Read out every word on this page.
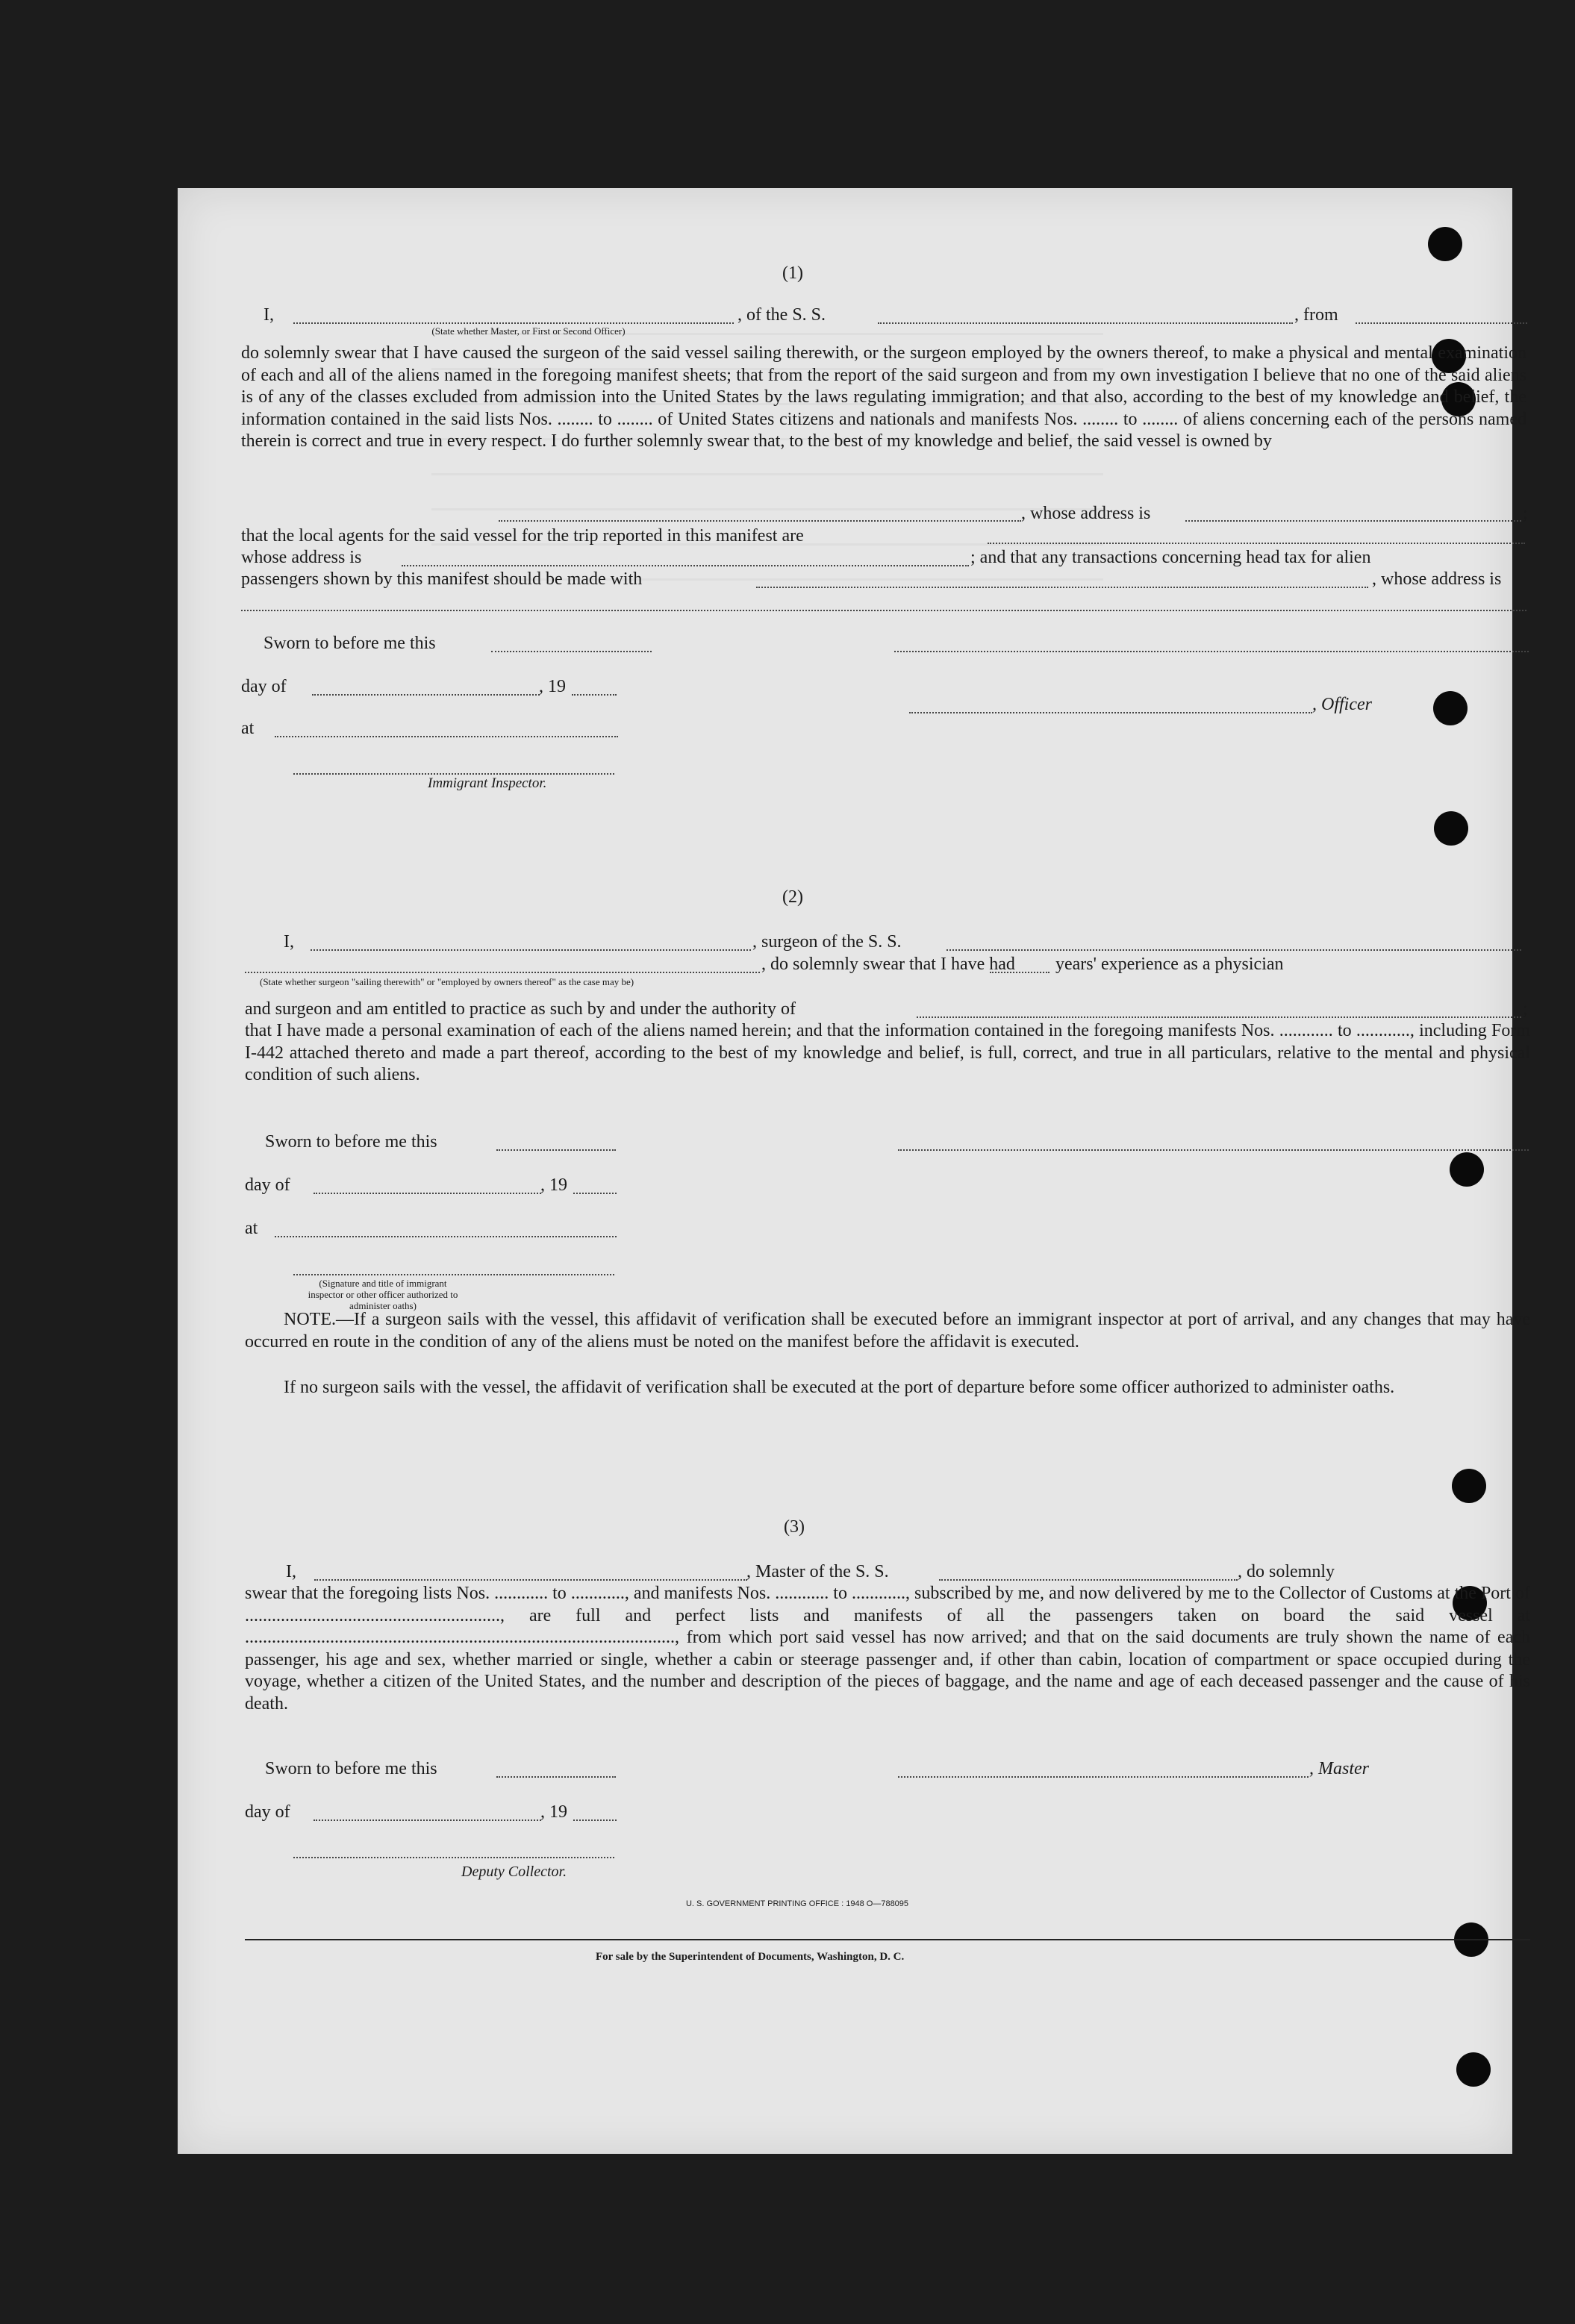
(1)
I,	, of the S. S.	, from
(State whether Master, or First or Second Officer)
do solemnly swear that I have caused the surgeon of the said vessel sailing therewith, or the surgeon employed by the owners thereof, to make a physical and mental examination of each and all of the aliens named in the foregoing manifest sheets; that from the report of the said surgeon and from my own investigation I believe that no one of the said aliens is of any of the classes excluded from admission into the United States by the laws regulating immigration; and that also, according to the best of my knowledge and belief, the information contained in the said lists Nos. ........ to ........ of United States citizens and nationals and manifests Nos. ........ to ........ of aliens concerning each of the persons named therein is correct and true in every respect. I do further solemnly swear that, to the best of my knowledge and belief, the said vessel is owned by
, whose address is	;
that the local agents for the said vessel for the trip reported in this manifest are
whose address is	; and that any transactions concerning head tax for alien
passengers shown by this manifest should be made with	, whose address is
Sworn to before me this
day of	, 19
, Officer
at
Immigrant Inspector.
(2)
I,	, surgeon of the S. S.
, do solemnly swear that I have had years' experience as a physician
(State whether surgeon "sailing therewith" or "employed by owners thereof" as the case may be)
and surgeon and am entitled to practice as such by and under the authority of	;
that I have made a personal examination of each of the aliens named herein; and that the information contained in the foregoing manifests Nos. ............ to ............, including Form I-442 attached thereto and made a part thereof, according to the best of my knowledge and belief, is full, correct, and true in all particulars, relative to the mental and physical condition of such aliens.
Sworn to before me this
day of	, 19
at
(Signature and title of immigrant inspector or other officer authorized to administer oaths)
NOTE.—If a surgeon sails with the vessel, this affidavit of verification shall be executed before an immigrant inspector at port of arrival, and any changes that may have occurred en route in the condition of any of the aliens must be noted on the manifest before the affidavit is executed.
If no surgeon sails with the vessel, the affidavit of verification shall be executed at the port of departure before some officer authorized to administer oaths.
(3)
I,	, Master of the S. S.	, do solemnly
swear that the foregoing lists Nos. ............ to ............, and manifests Nos. ............ to ............, subscribed by me, and now delivered by me to the Collector of Customs at the Port of ........................................................., are full and perfect lists and manifests of all the passengers taken on board the said vessel at ................................................................................................, from which port said vessel has now arrived; and that on the said documents are truly shown the name of each passenger, his age and sex, whether married or single, whether a cabin or steerage passenger and, if other than cabin, location of compartment or space occupied during the voyage, whether a citizen of the United States, and the number and description of the pieces of baggage, and the name and age of each deceased passenger and the cause of his death.
Sworn to before me this	, Master
day of	, 19
Deputy Collector.
U. S. GOVERNMENT PRINTING OFFICE : 1948 O—788095
For sale by the Superintendent of Documents, Washington, D. C.
